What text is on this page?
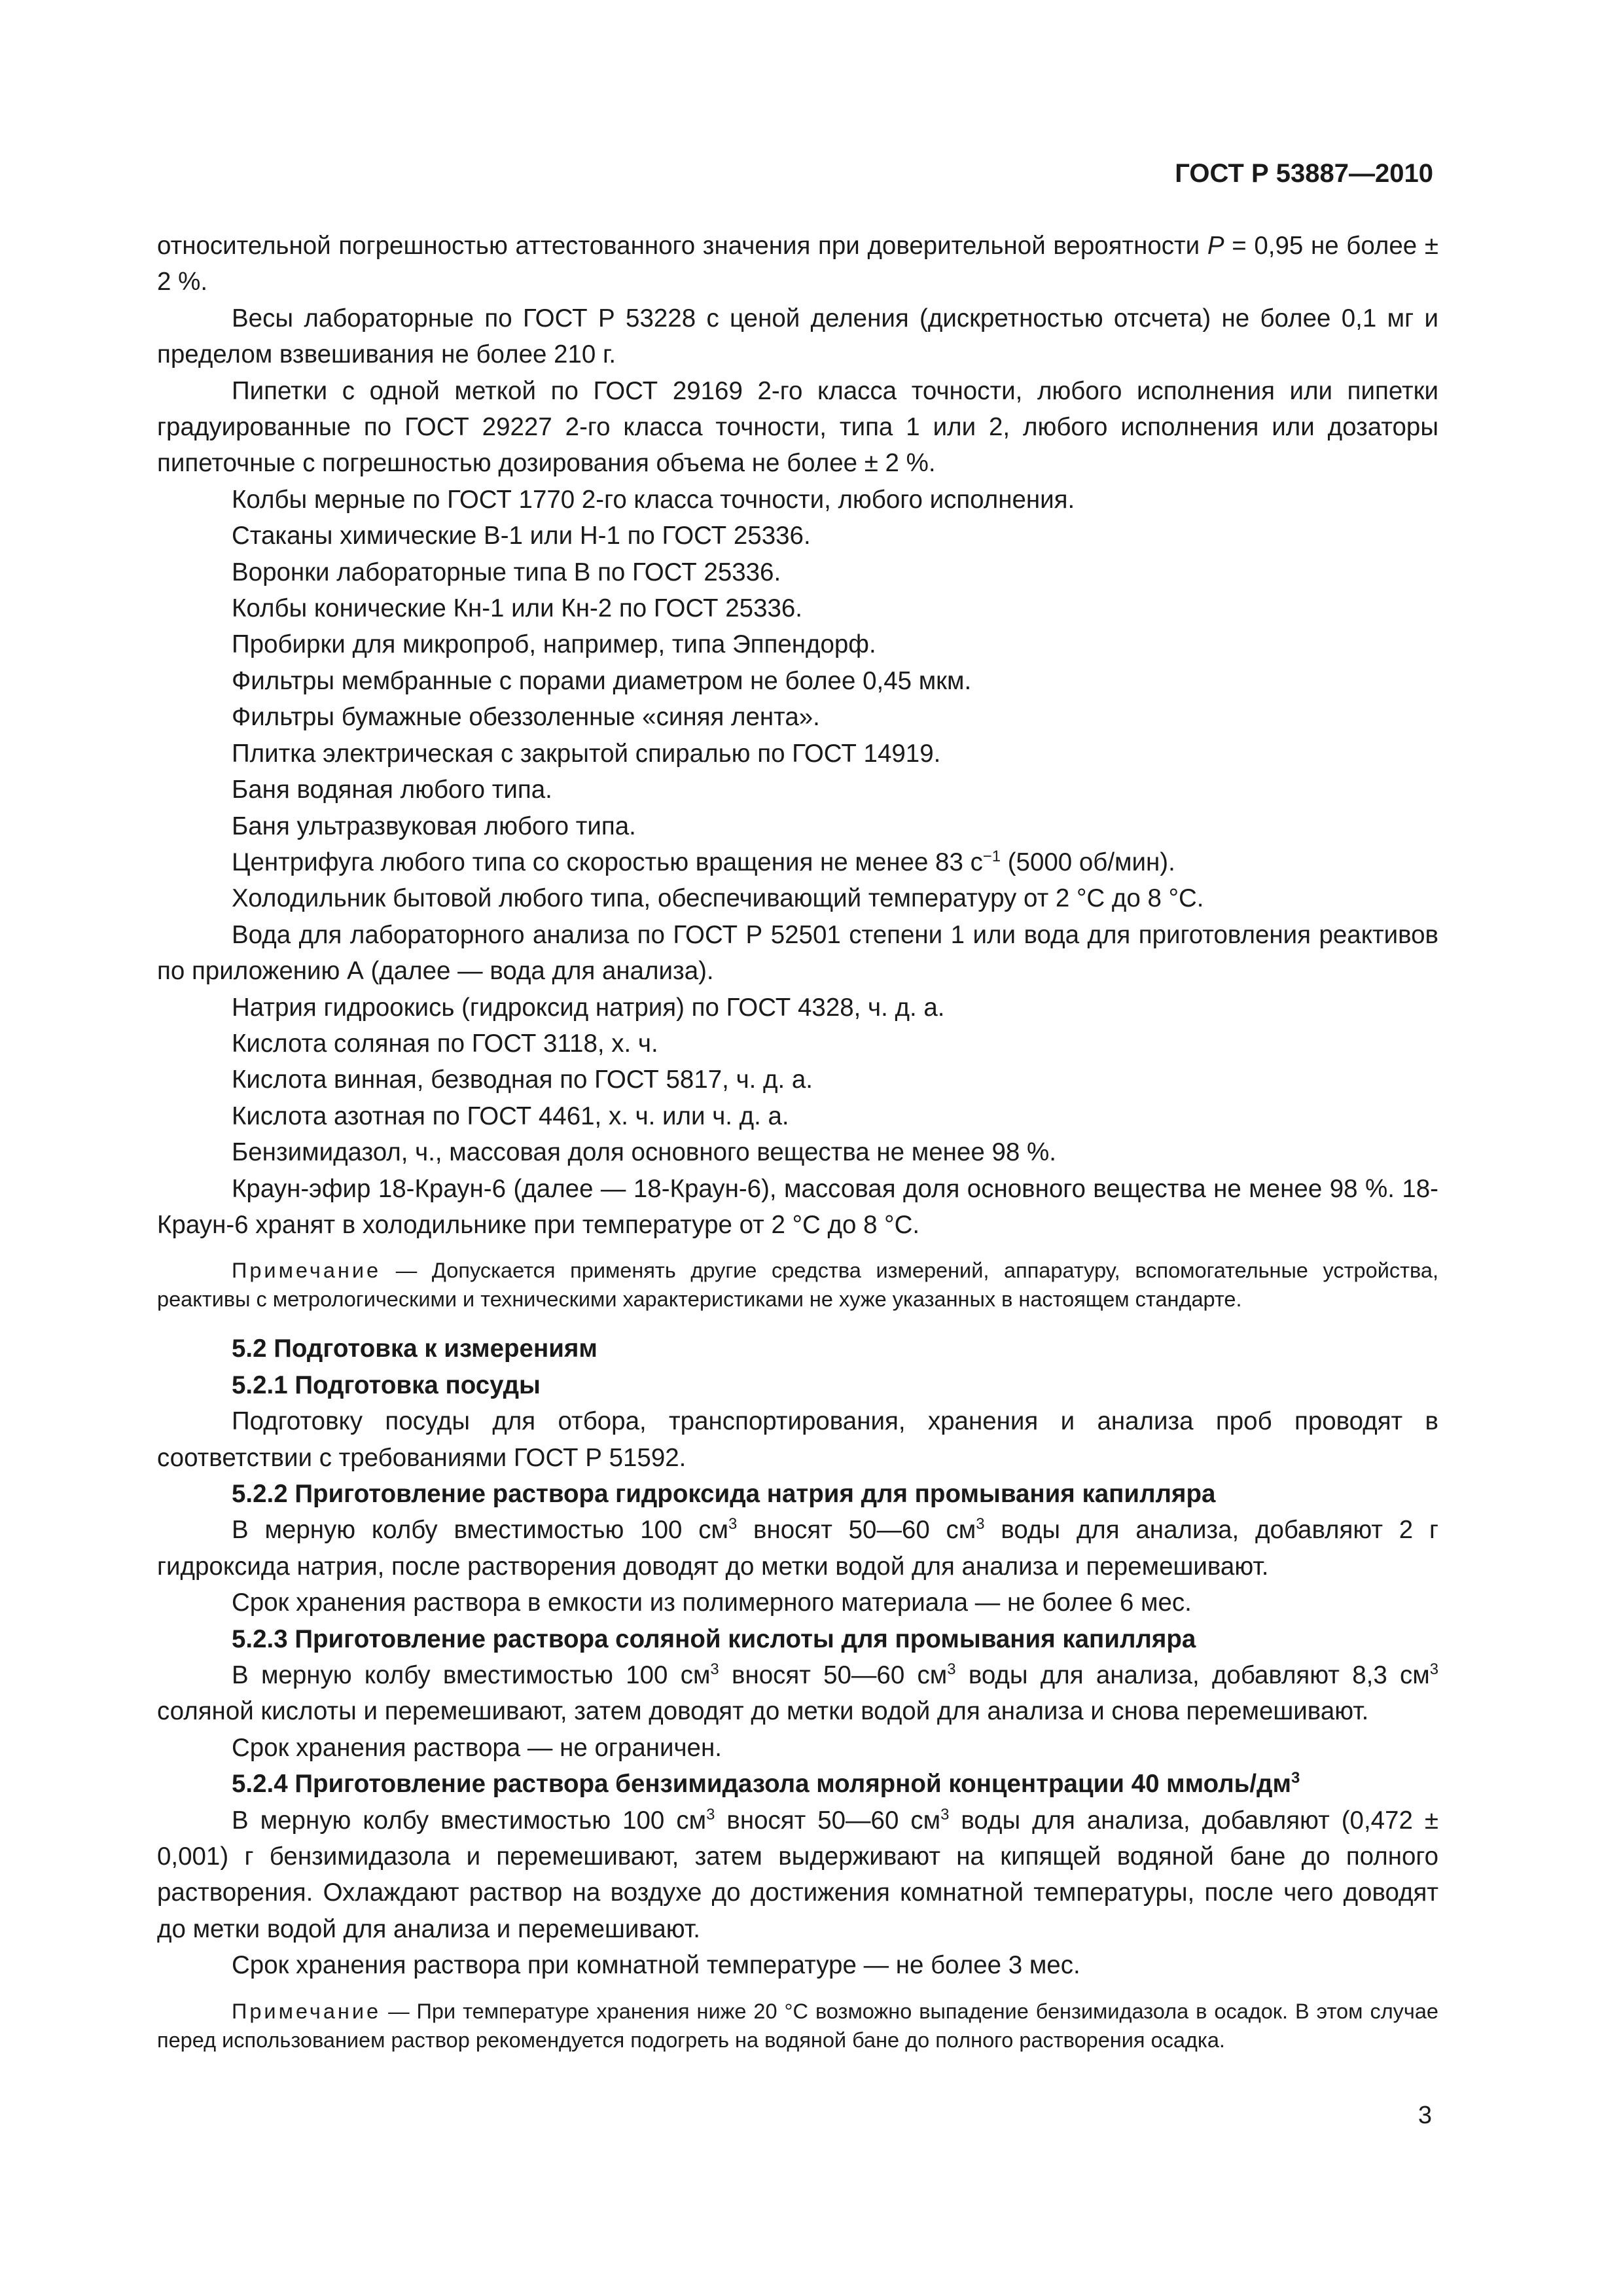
ГОСТ Р 53887—2010

относительной погрешностью аттестованного значения при доверительной вероятности P = 0,95 не более ± 2 %.

Весы лабораторные по ГОСТ Р 53228 с ценой деления (дискретностью отсчета) не более 0,1 мг и пределом взвешивания не более 210 г.

Пипетки с одной меткой по ГОСТ 29169 2-го класса точности, любого исполнения или пипетки градуированные по ГОСТ 29227 2-го класса точности, типа 1 или 2, любого исполнения или дозаторы пипеточные с погрешностью дозирования объема не более ± 2 %.

Колбы мерные по ГОСТ 1770 2-го класса точности, любого исполнения.

Стаканы химические В-1 или Н-1 по ГОСТ 25336.

Воронки лабораторные типа В по ГОСТ 25336.

Колбы конические Кн-1 или Кн-2 по ГОСТ 25336.

Пробирки для микропроб, например, типа Эппендорф.

Фильтры мембранные с порами диаметром не более 0,45 мкм.

Фильтры бумажные обеззоленные «синяя лента».

Плитка электрическая с закрытой спиралью по ГОСТ 14919.

Баня водяная любого типа.

Баня ультразвуковая любого типа.

Центрифуга любого типа со скоростью вращения не менее 83 $с^{-1}$ (5000 об/мин).

Холодильник бытовой любого типа, обеспечивающий температуру от 2 °С до 8 °С.

Вода для лабораторного анализа по ГОСТ Р 52501 степени 1 или вода для приготовления реактивов по приложению А (далее — вода для анализа).

Натрия гидроокись (гидроксид натрия) по ГОСТ 4328, ч. д. а.

Кислота соляная по ГОСТ 3118, х. ч.

Кислота винная, безводная по ГОСТ 5817, ч. д. а.

Кислота азотная по ГОСТ 4461, х. ч. или ч. д. а.

Бензимидазол, ч., массовая доля основного вещества не менее 98 %.

Краун-эфир 18-Краун-6 (далее — 18-Краун-6), массовая доля основного вещества не менее 98 %. 18-Краун-6 хранят в холодильнике при температуре от 2 °С до 8 °С.

Примечание — Допускается применять другие средства измерений, аппаратуру, вспомогательные устройства, реактивы с метрологическими и техническими характеристиками не хуже указанных в настоящем стандарте.

5.2 Подготовка к измерениям

5.2.1 Подготовка посуды

Подготовку посуды для отбора, транспортирования, хранения и анализа проб проводят в соответствии с требованиями ГОСТ Р 51592.

5.2.2 Приготовление раствора гидроксида натрия для промывания капилляра

В мерную колбу вместимостью 100 $см^3$ вносят 50—60 $см^3$ воды для анализа, добавляют 2 г гидроксида натрия, после растворения доводят до метки водой для анализа и перемешивают.

Срок хранения раствора в емкости из полимерного материала — не более 6 мес.

5.2.3 Приготовление раствора соляной кислоты для промывания капилляра

В мерную колбу вместимостью 100 $см^3$ вносят 50—60 $см^3$ воды для анализа, добавляют 8,3 $см^3$ соляной кислоты и перемешивают, затем доводят до метки водой для анализа и снова перемешивают.

Срок хранения раствора — не ограничен.

5.2.4 Приготовление раствора бензимидазола молярной концентрации 40 ммоль/$дм^3$

В мерную колбу вместимостью 100 $см^3$ вносят 50—60 $см^3$ воды для анализа, добавляют (0,472 ± 0,001) г бензимидазола и перемешивают, затем выдерживают на кипящей водяной бане до полного растворения. Охлаждают раствор на воздухе до достижения комнатной температуры, после чего доводят до метки водой для анализа и перемешивают.

Срок хранения раствора при комнатной температуре — не более 3 мес.

Примечание — При температуре хранения ниже 20 °С возможно выпадение бензимидазола в осадок. В этом случае перед использованием раствор рекомендуется подогреть на водяной бане до полного растворения осадка.

3
